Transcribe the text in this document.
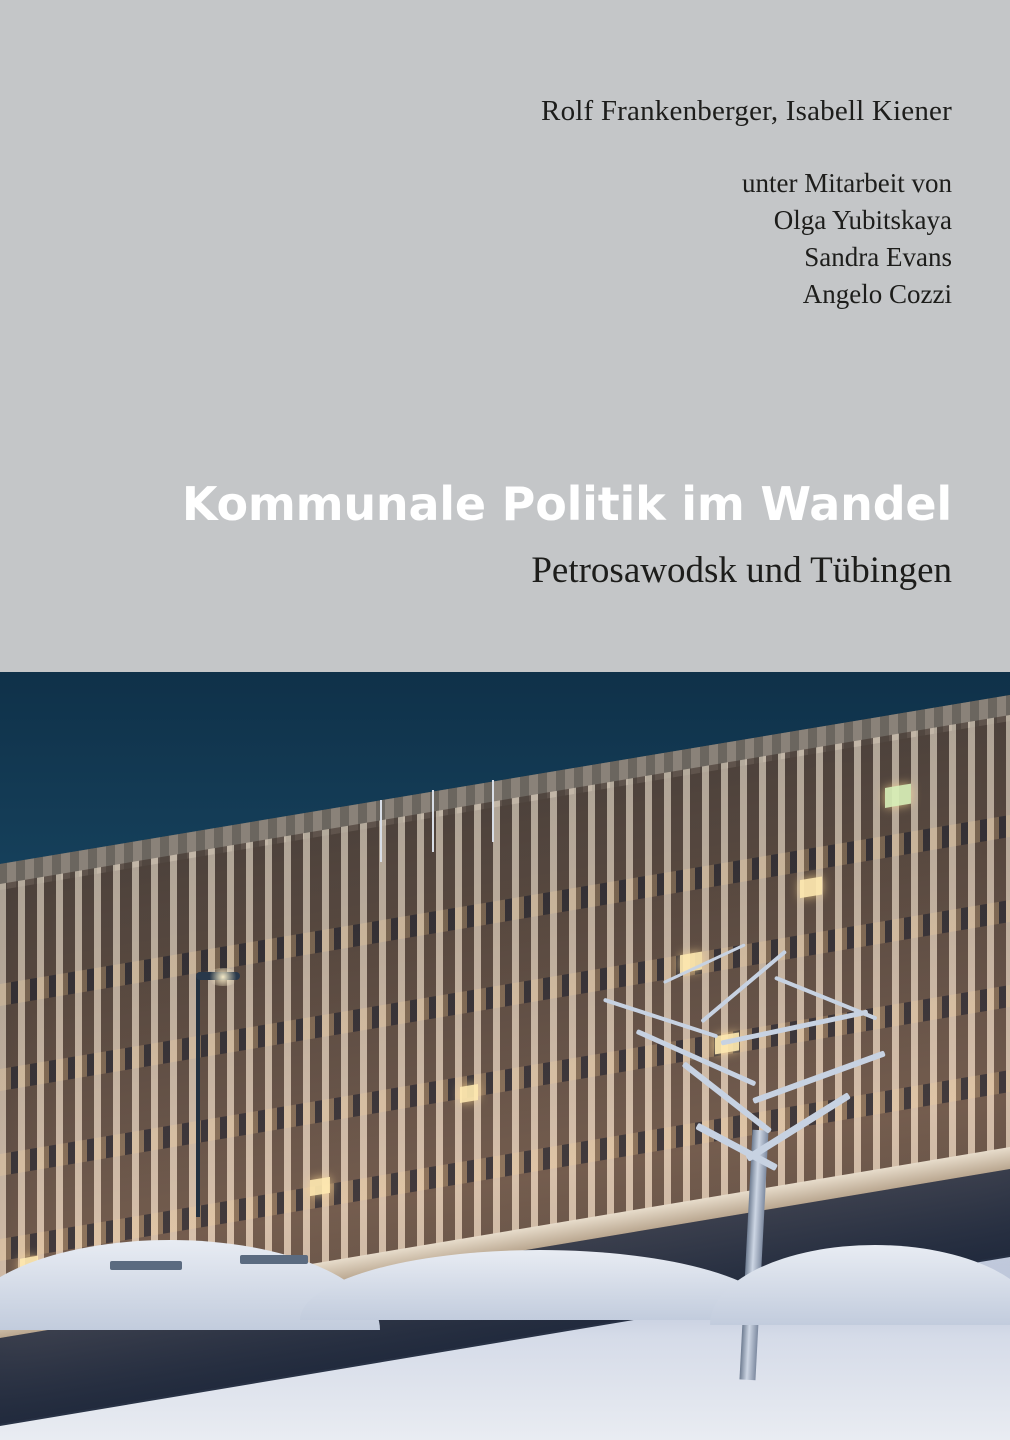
Rolf Frankenberger, Isabell Kiener
unter Mitarbeit von
Olga Yubitskaya
Sandra Evans
Angelo Cozzi
Kommunale Politik im Wandel
Petrosawodsk und Tübingen
